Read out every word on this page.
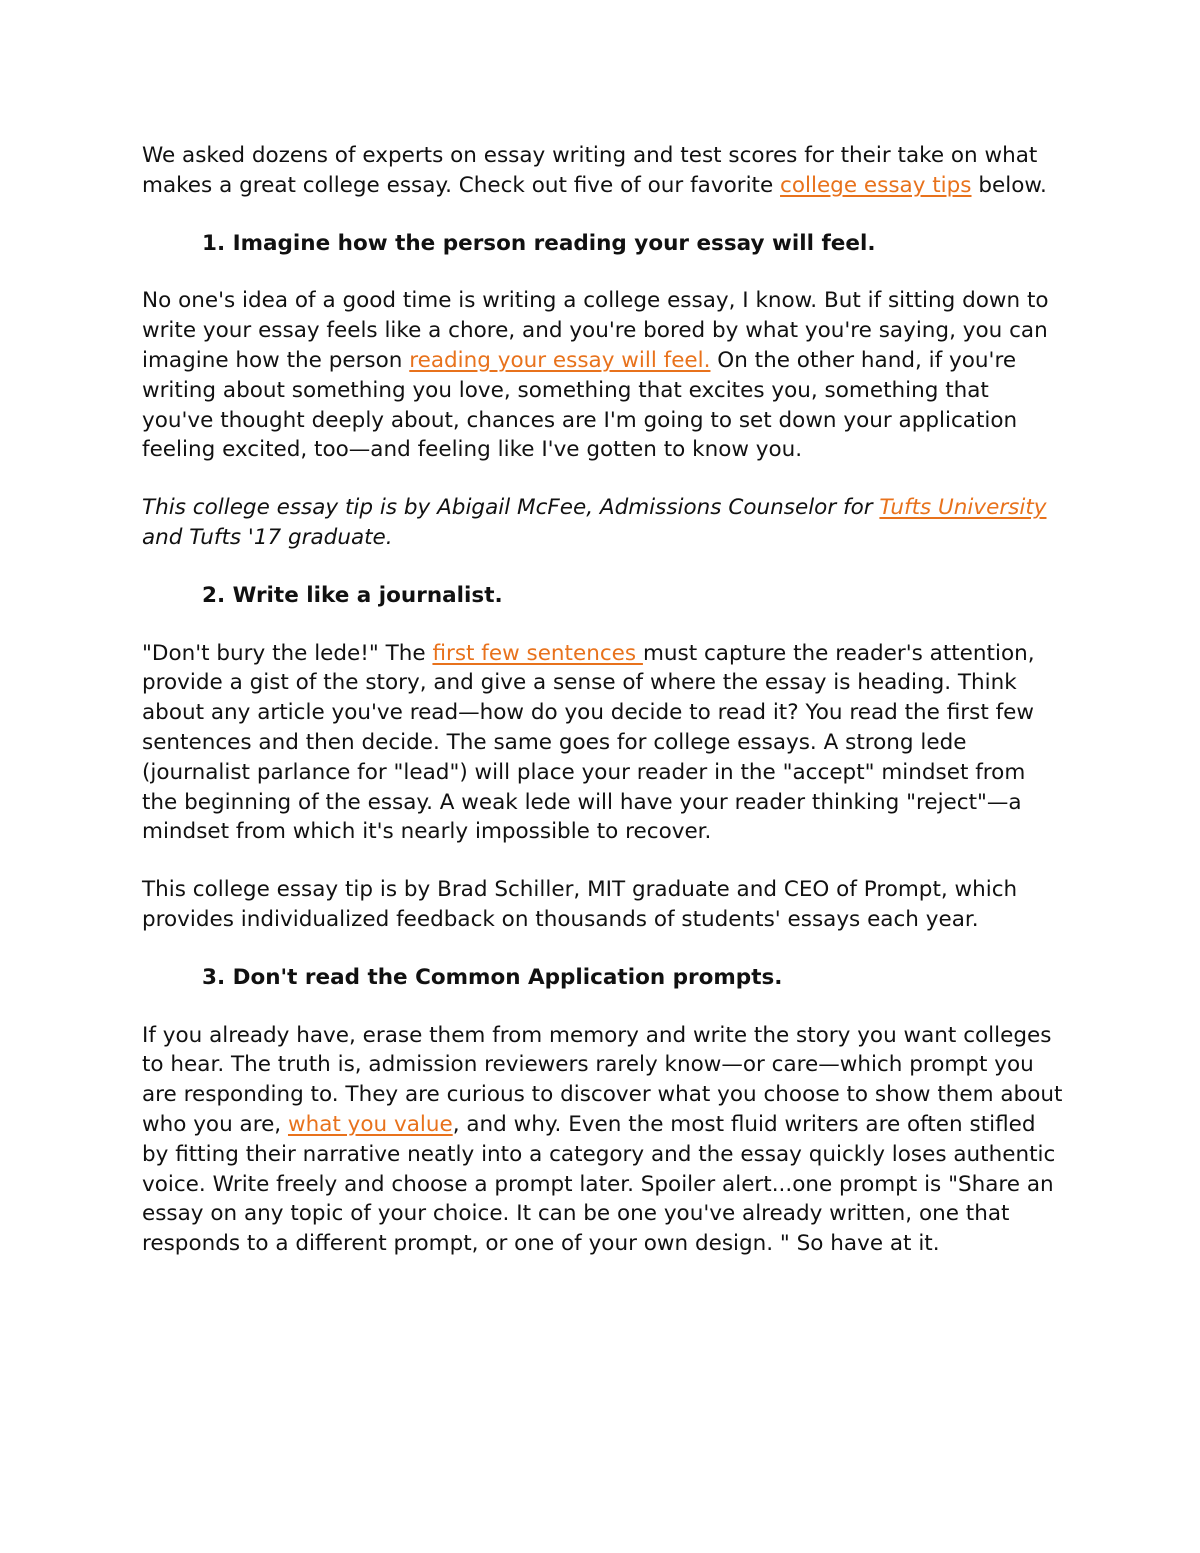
We asked dozens of experts on essay writing and test scores for their take on what makes a great college essay. Check out five of our favorite college essay tips below.

1. Imagine how the person reading your essay will feel.

No one's idea of a good time is writing a college essay, I know. But if sitting down to write your essay feels like a chore, and you're bored by what you're saying, you can imagine how the person reading your essay will feel. On the other hand, if you're writing about something you love, something that excites you, something that you've thought deeply about, chances are I'm going to set down your application feeling excited, too—and feeling like I've gotten to know you.

This college essay tip is by Abigail McFee, Admissions Counselor for Tufts University and Tufts '17 graduate.

2. Write like a journalist.

"Don't bury the lede!" The first few sentences must capture the reader's attention, provide a gist of the story, and give a sense of where the essay is heading. Think about any article you've read—how do you decide to read it? You read the first few sentences and then decide. The same goes for college essays. A strong lede (journalist parlance for "lead") will place your reader in the "accept" mindset from the beginning of the essay. A weak lede will have your reader thinking "reject"—a mindset from which it's nearly impossible to recover.

This college essay tip is by Brad Schiller, MIT graduate and CEO of Prompt, which provides individualized feedback on thousands of students' essays each year.

3. Don't read the Common Application prompts.

If you already have, erase them from memory and write the story you want colleges to hear. The truth is, admission reviewers rarely know—or care—which prompt you are responding to. They are curious to discover what you choose to show them about who you are, what you value, and why. Even the most fluid writers are often stifled by fitting their narrative neatly into a category and the essay quickly loses authentic voice. Write freely and choose a prompt later. Spoiler alert...one prompt is "Share an essay on any topic of your choice. It can be one you've already written, one that responds to a different prompt, or one of your own design. " So have at it.
